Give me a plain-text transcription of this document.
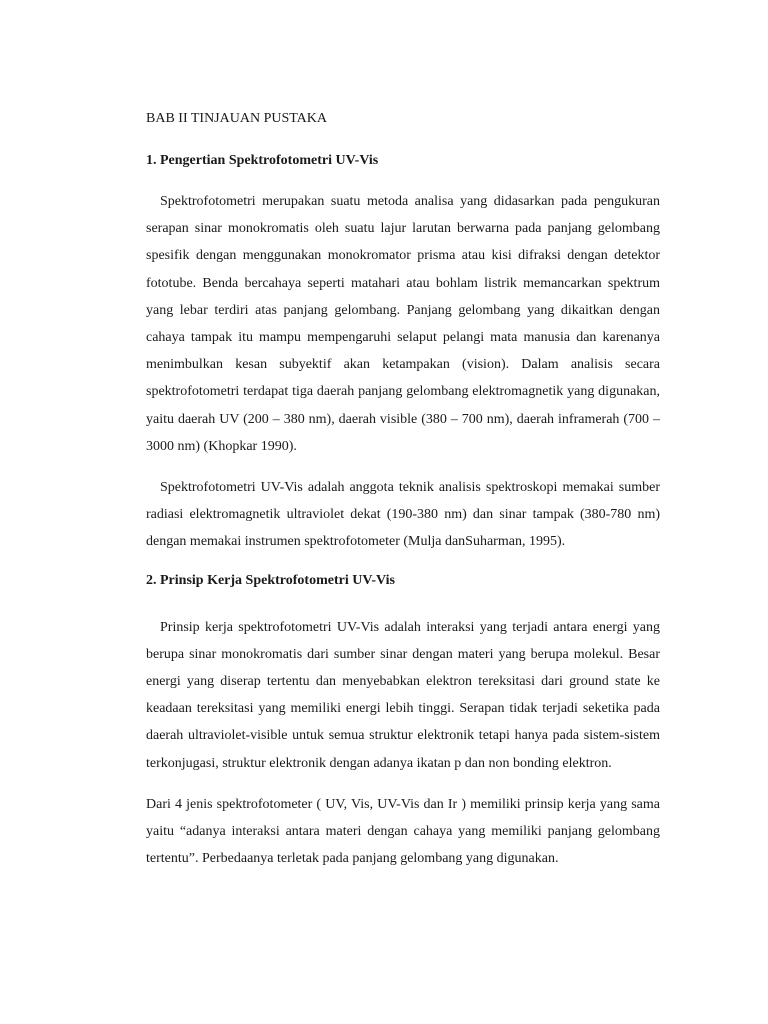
BAB II TINJAUAN PUSTAKA

1. Pengertian Spektrofotometri UV-Vis

Spektrofotometri merupakan suatu metoda analisa yang didasarkan pada pengukuran serapan sinar monokromatis oleh suatu lajur larutan berwarna pada panjang gelombang spesifik dengan menggunakan monokromator prisma atau kisi difraksi dengan detektor fototube. Benda bercahaya seperti matahari atau bohlam listrik memancarkan spektrum yang lebar terdiri atas panjang gelombang. Panjang gelombang yang dikaitkan dengan cahaya tampak itu mampu mempengaruhi selaput pelangi mata manusia dan karenanya menimbulkan kesan subyektif akan ketampakan (vision). Dalam analisis secara spektrofotometri terdapat tiga daerah panjang gelombang elektromagnetik yang digunakan, yaitu daerah UV (200 – 380 nm), daerah visible (380 – 700 nm), daerah inframerah (700 – 3000 nm) (Khopkar 1990).

Spektrofotometri UV-Vis adalah anggota teknik analisis spektroskopi memakai sumber radiasi elektromagnetik ultraviolet dekat (190-380 nm) dan sinar tampak (380-780 nm) dengan memakai instrumen spektrofotometer (Mulja danSuharman, 1995).

2. Prinsip Kerja Spektrofotometri UV-Vis

Prinsip kerja spektrofotometri UV-Vis adalah interaksi yang terjadi antara energi yang berupa sinar monokromatis dari sumber sinar dengan materi yang berupa molekul. Besar energi yang diserap tertentu dan menyebabkan elektron tereksitasi dari ground state ke keadaan tereksitasi yang memiliki energi lebih tinggi. Serapan tidak terjadi seketika pada daerah ultraviolet-visible untuk semua struktur elektronik tetapi hanya pada sistem-sistem terkonjugasi, struktur elektronik dengan adanya ikatan p dan non bonding elektron.

Dari 4 jenis spektrofotometer ( UV, Vis, UV-Vis dan Ir ) memiliki prinsip kerja yang sama yaitu “adanya interaksi antara materi dengan cahaya yang memiliki panjang gelombang tertentu”. Perbedaanya terletak pada panjang gelombang yang digunakan.
